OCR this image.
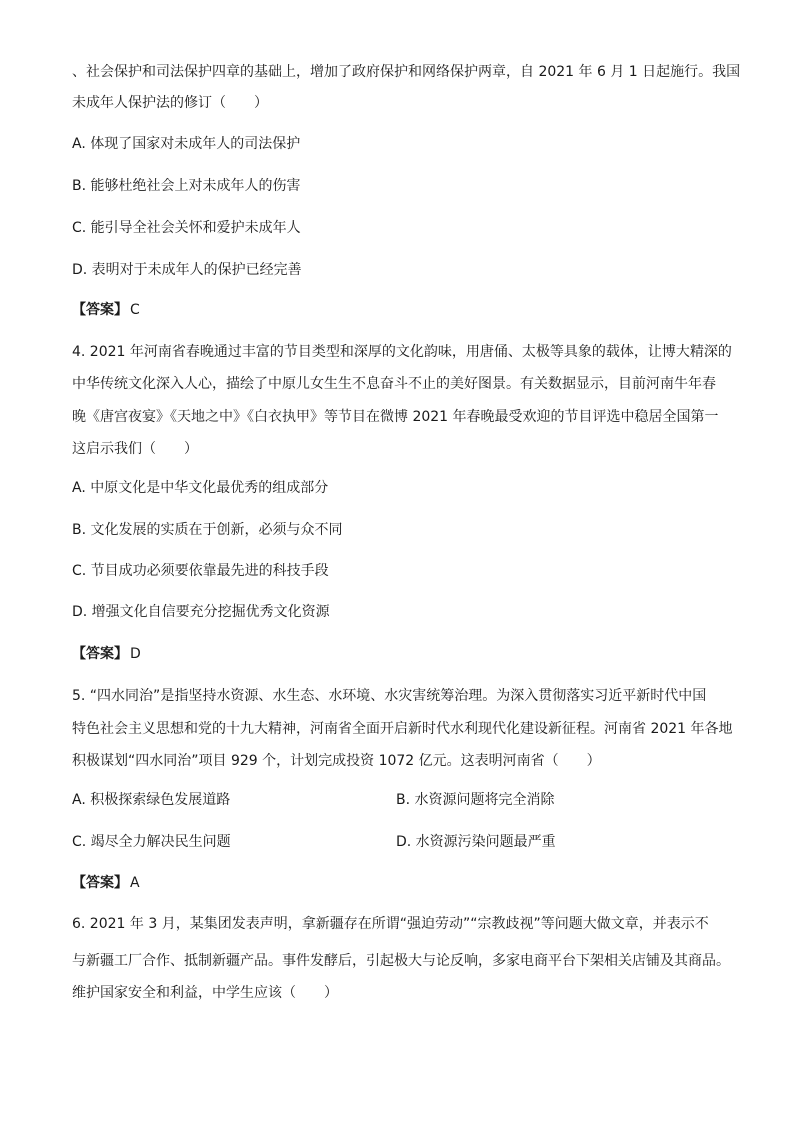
、社会保护和司法保护四章的基础上，增加了政府保护和网络保护两章，自 2021 年 6 月 1 日起施行。我国
未成年人保护法的修订（　　）
A. 体现了国家对未成年人的司法保护
B. 能够杜绝社会上对未成年人的伤害
C. 能引导全社会关怀和爱护未成年人
D. 表明对于未成年人的保护已经完善
【答案】 C
4. 2021 年河南省春晚通过丰富的节目类型和深厚的文化韵味，用唐俑、太极等具象的载体，让博大精深的
中华传统文化深入人心，描绘了中原儿女生生不息奋斗不止的美好图景。有关数据显示，目前河南牛年春
晚《唐宫夜宴》《天地之中》《白衣执甲》等节目在微博 2021 年春晚最受欢迎的节目评选中稳居全国第一
这启示我们（　　）
A. 中原文化是中华文化最优秀的组成部分
B. 文化发展的实质在于创新，必须与众不同
C. 节目成功必须要依靠最先进的科技手段
D. 增强文化自信要充分挖掘优秀文化资源
【答案】 D
5. “四水同治”是指坚持水资源、水生态、水环境、水灾害统筹治理。为深入贯彻落实习近平新时代中国
特色社会主义思想和党的十九大精神，河南省全面开启新时代水利现代化建设新征程。河南省 2021 年各地
积极谋划“四水同治”项目 929 个，计划完成投资 1072 亿元。这表明河南省（　　）
A. 积极探索绿色发展道路	B. 水资源问题将完全消除
C. 竭尽全力解决民生问题	D. 水资源污染问题最严重
【答案】 A
6. 2021 年 3 月，某集团发表声明，拿新疆存在所谓“强迫劳动”“宗教歧视”等问题大做文章，并表示不
与新疆工厂合作、抵制新疆产品。事件发酵后，引起极大与论反响，多家电商平台下架相关店铺及其商品。
维护国家安全和利益，中学生应该（　　）
